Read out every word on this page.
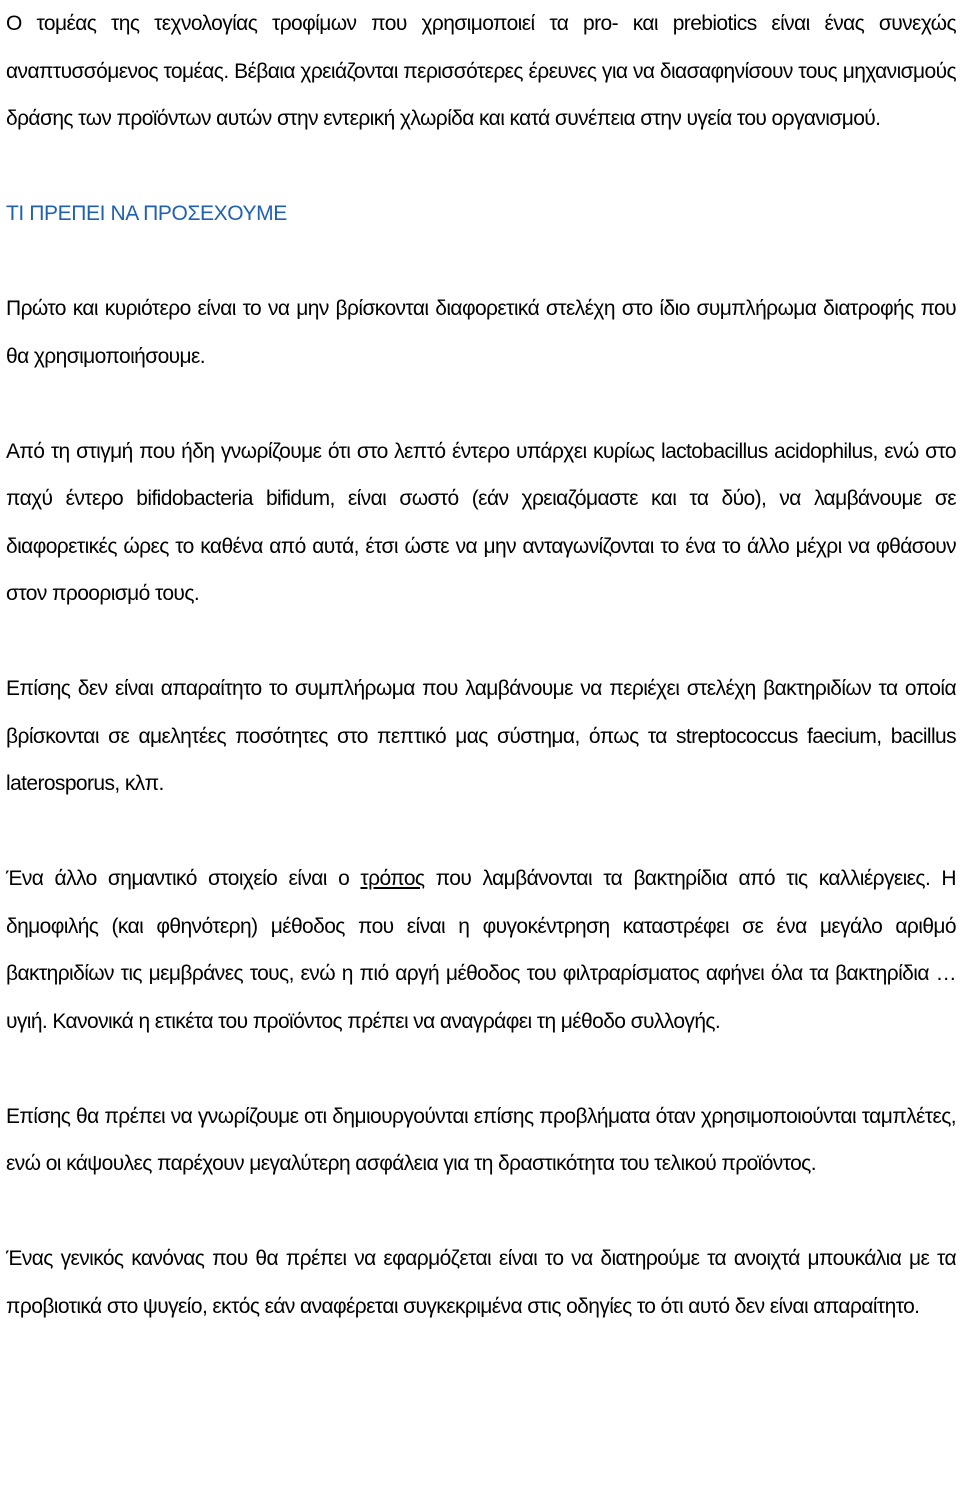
Ο τομέας της τεχνολογίας τροφίμων που χρησιμοποιεί τα pro- και prebiotics είναι ένας συνεχώς αναπτυσσόμενος τομέας. Βέβαια χρειάζονται περισσότερες έρευνες για να διασαφηνίσουν τους μηχανισμούς δράσης των προϊόντων αυτών στην εντερική χλωρίδα και κατά συνέπεια στην υγεία του οργανισμού.

ΤΙ ΠΡΕΠΕΙ ΝΑ ΠΡΟΣΕΧΟΥΜΕ

Πρώτο και κυριότερο είναι το να μην βρίσκονται διαφορετικά στελέχη στο ίδιο συμπλήρωμα διατροφής που θα χρησιμοποιήσουμε.

Από τη στιγμή που ήδη γνωρίζουμε ότι στο λεπτό έντερο υπάρχει κυρίως lactobacillus acidophilus, ενώ στο παχύ έντερο bifidobacteria bifidum, είναι σωστό (εάν χρειαζόμαστε και τα δύο), να λαμβάνουμε σε διαφορετικές ώρες το καθένα από αυτά, έτσι ώστε να μην ανταγωνίζονται το ένα το άλλο μέχρι να φθάσουν στον προορισμό τους.

Επίσης δεν είναι απαραίτητο το συμπλήρωμα που λαμβάνουμε να περιέχει στελέχη βακτηριδίων τα οποία βρίσκονται σε αμελητέες ποσότητες στο πεπτικό μας σύστημα, όπως τα streptococcus faecium, bacillus laterosporus, κλπ.

Ένα άλλο σημαντικό στοιχείο είναι ο τρόπος που λαμβάνονται τα βακτηρίδια από τις καλλιέργειες. Η δημοφιλής (και φθηνότερη) μέθοδος που είναι η φυγοκέντρηση καταστρέφει σε ένα μεγάλο αριθμό βακτηριδίων τις μεμβράνες τους, ενώ η πιό αργή μέθοδος του φιλτραρίσματος αφήνει όλα τα βακτηρίδια …υγιή. Κανονικά η ετικέτα του προϊόντος πρέπει να αναγράφει τη μέθοδο συλλογής.

Επίσης θα πρέπει να γνωρίζουμε οτι δημιουργούνται επίσης προβλήματα όταν χρησιμοποιούνται ταμπλέτες, ενώ οι κάψουλες παρέχουν μεγαλύτερη ασφάλεια για τη δραστικότητα του τελικού προϊόντος.

Ένας γενικός κανόνας που θα πρέπει να εφαρμόζεται είναι το να διατηρούμε τα ανοιχτά μπουκάλια με τα προβιοτικά στο ψυγείο, εκτός εάν αναφέρεται συγκεκριμένα στις οδηγίες το ότι αυτό δεν είναι απαραίτητο.
